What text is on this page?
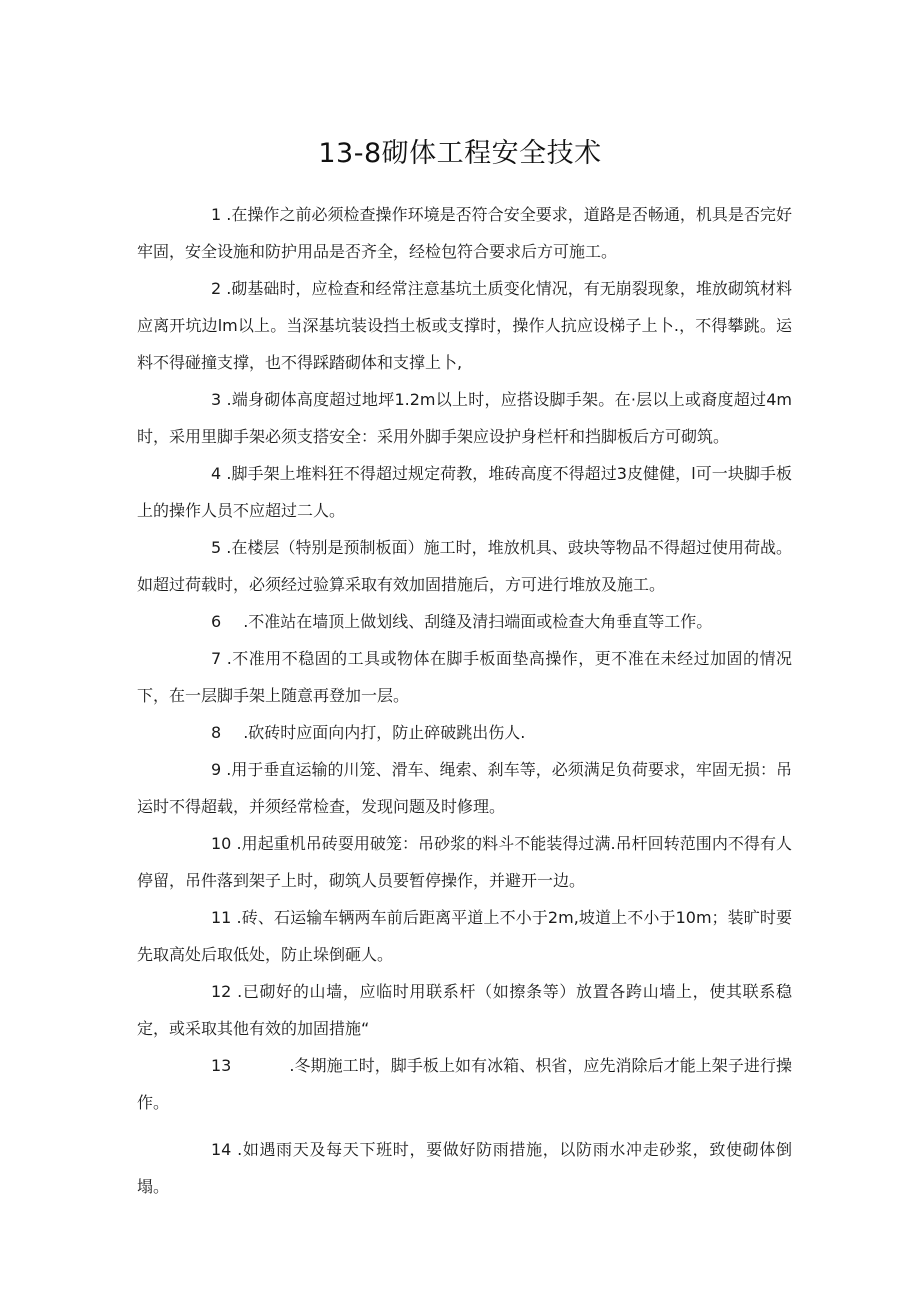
13-8砌体工程安全技术

1 .在操作之前必须检查操作环境是否符合安全要求，道路是否畅通，机具是否完好牢固，安全设施和防护用品是否齐全，经检包符合要求后方可施工。

2 .砌基础时，应检查和经常注意基坑土质变化情况，有无崩裂现象，堆放砌筑材料应离开坑边lm以上。当深基坑装设挡土板或支撑时，操作人抗应设梯子上卜.，不得攀跳。运料不得碰撞支撑，也不得踩踏砌体和支撑上卜,

3 .端身砌体高度超过地坪1.2m以上时，应搭设脚手架。在·层以上或裔度超过4m时，采用里脚手架必须支搭安全：采用外脚手架应设护身栏杆和挡脚板后方可砌筑。

4 .脚手架上堆料狂不得超过规定荷教，堆砖高度不得超过3皮健健，l可一块脚手板上的操作人员不应超过二人。

5 .在楼层（特别是预制板面）施工时，堆放机具、豉块等物品不得超过使用荷战。如超过荷载时，必须经过验算采取有效加固措施后，方可进行堆放及施工。

6 .不准站在墙顶上做划线、刮缝及清扫端面或检查大角垂直等工作。

7 .不准用不稳固的工具或物体在脚手板面垫高操作，更不准在未经过加固的情况下，在一层脚手架上随意再登加一层。

8 .砍砖时应面向内打，防止碎破跳出伤人.

9 .用于垂直运输的川笼、滑车、绳索、刹车等，必须满足负荷要求，牢固无损：吊运时不得超载，并须经常检查，发现问题及时修理。

10 .用起重机吊砖耍用破笼：吊砂浆的料斗不能装得过满.吊杆回转范围内不得有人停留，吊件落到架子上时，砌筑人员要暂停操作，并避开一边。

11 .砖、石运输车辆两车前后距离平道上不小于2m,坡道上不小于10m；装旷时要先取高处后取低处，防止垛倒砸人。

12 .已砌好的山墙，应临时用联系杆（如擦条等）放置各跨山墙上，使其联系稳定，或采取其他有效的加固措施“

13	.冬期施工时，脚手板上如有冰箱、枳省，应先消除后才能上架子进行操作。

14 .如遇雨天及每天下班时，要做好防雨措施，以防雨水冲走砂浆，致使砌体倒塌。
